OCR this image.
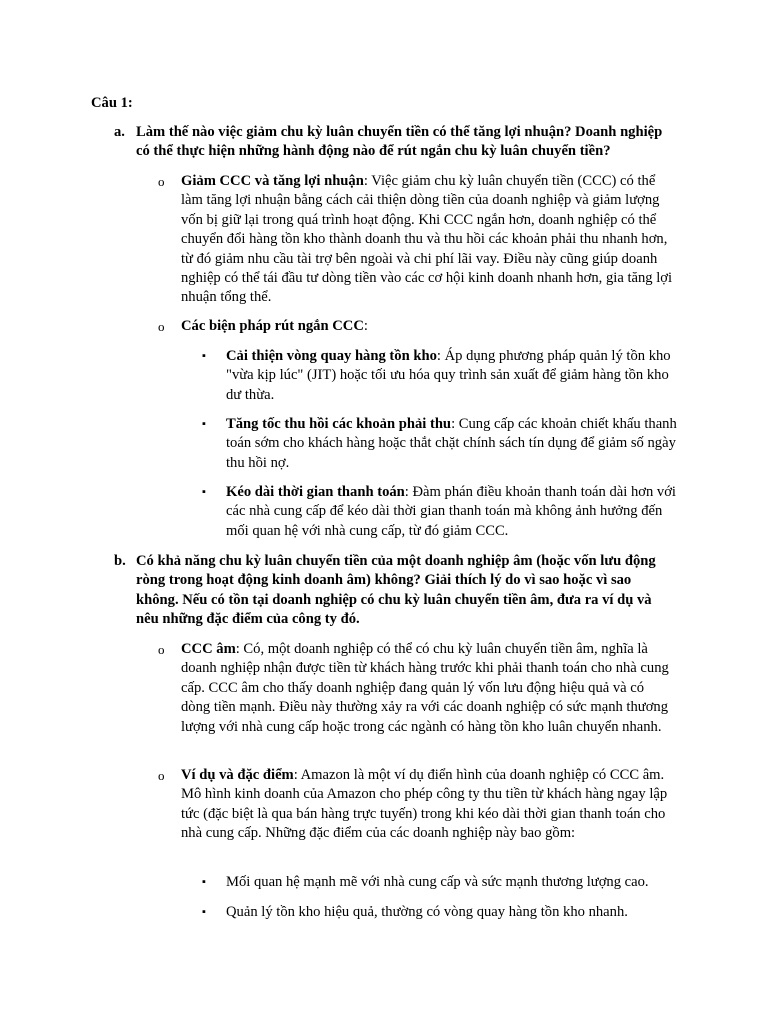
Câu 1:
a. Làm thế nào việc giảm chu kỳ luân chuyển tiền có thể tăng lợi nhuận? Doanh nghiệp có thể thực hiện những hành động nào để rút ngắn chu kỳ luân chuyển tiền?
o Giảm CCC và tăng lợi nhuận: Việc giảm chu kỳ luân chuyển tiền (CCC) có thể làm tăng lợi nhuận bằng cách cải thiện dòng tiền của doanh nghiệp và giảm lượng vốn bị giữ lại trong quá trình hoạt động. Khi CCC ngắn hơn, doanh nghiệp có thể chuyển đổi hàng tồn kho thành doanh thu và thu hồi các khoản phải thu nhanh hơn, từ đó giảm nhu cầu tài trợ bên ngoài và chi phí lãi vay. Điều này cũng giúp doanh nghiệp có thể tái đầu tư dòng tiền vào các cơ hội kinh doanh nhanh hơn, gia tăng lợi nhuận tổng thể.
o Các biện pháp rút ngắn CCC:
▪ Cải thiện vòng quay hàng tồn kho: Áp dụng phương pháp quản lý tồn kho "vừa kịp lúc" (JIT) hoặc tối ưu hóa quy trình sản xuất để giảm hàng tồn kho dư thừa.
▪ Tăng tốc thu hồi các khoản phải thu: Cung cấp các khoản chiết khấu thanh toán sớm cho khách hàng hoặc thắt chặt chính sách tín dụng để giảm số ngày thu hồi nợ.
▪ Kéo dài thời gian thanh toán: Đàm phán điều khoản thanh toán dài hơn với các nhà cung cấp để kéo dài thời gian thanh toán mà không ảnh hưởng đến mối quan hệ với nhà cung cấp, từ đó giảm CCC.
b. Có khả năng chu kỳ luân chuyển tiền của một doanh nghiệp âm (hoặc vốn lưu động ròng trong hoạt động kinh doanh âm) không? Giải thích lý do vì sao hoặc vì sao không. Nếu có tồn tại doanh nghiệp có chu kỳ luân chuyển tiền âm, đưa ra ví dụ và nêu những đặc điểm của công ty đó.
o CCC âm: Có, một doanh nghiệp có thể có chu kỳ luân chuyển tiền âm, nghĩa là doanh nghiệp nhận được tiền từ khách hàng trước khi phải thanh toán cho nhà cung cấp. CCC âm cho thấy doanh nghiệp đang quản lý vốn lưu động hiệu quả và có dòng tiền mạnh. Điều này thường xảy ra với các doanh nghiệp có sức mạnh thương lượng với nhà cung cấp hoặc trong các ngành có hàng tồn kho luân chuyển nhanh.
o Ví dụ và đặc điểm: Amazon là một ví dụ điển hình của doanh nghiệp có CCC âm. Mô hình kinh doanh của Amazon cho phép công ty thu tiền từ khách hàng ngay lập tức (đặc biệt là qua bán hàng trực tuyến) trong khi kéo dài thời gian thanh toán cho nhà cung cấp. Những đặc điểm của các doanh nghiệp này bao gồm:
▪ Mối quan hệ mạnh mẽ với nhà cung cấp và sức mạnh thương lượng cao.
▪ Quản lý tồn kho hiệu quả, thường có vòng quay hàng tồn kho nhanh.
